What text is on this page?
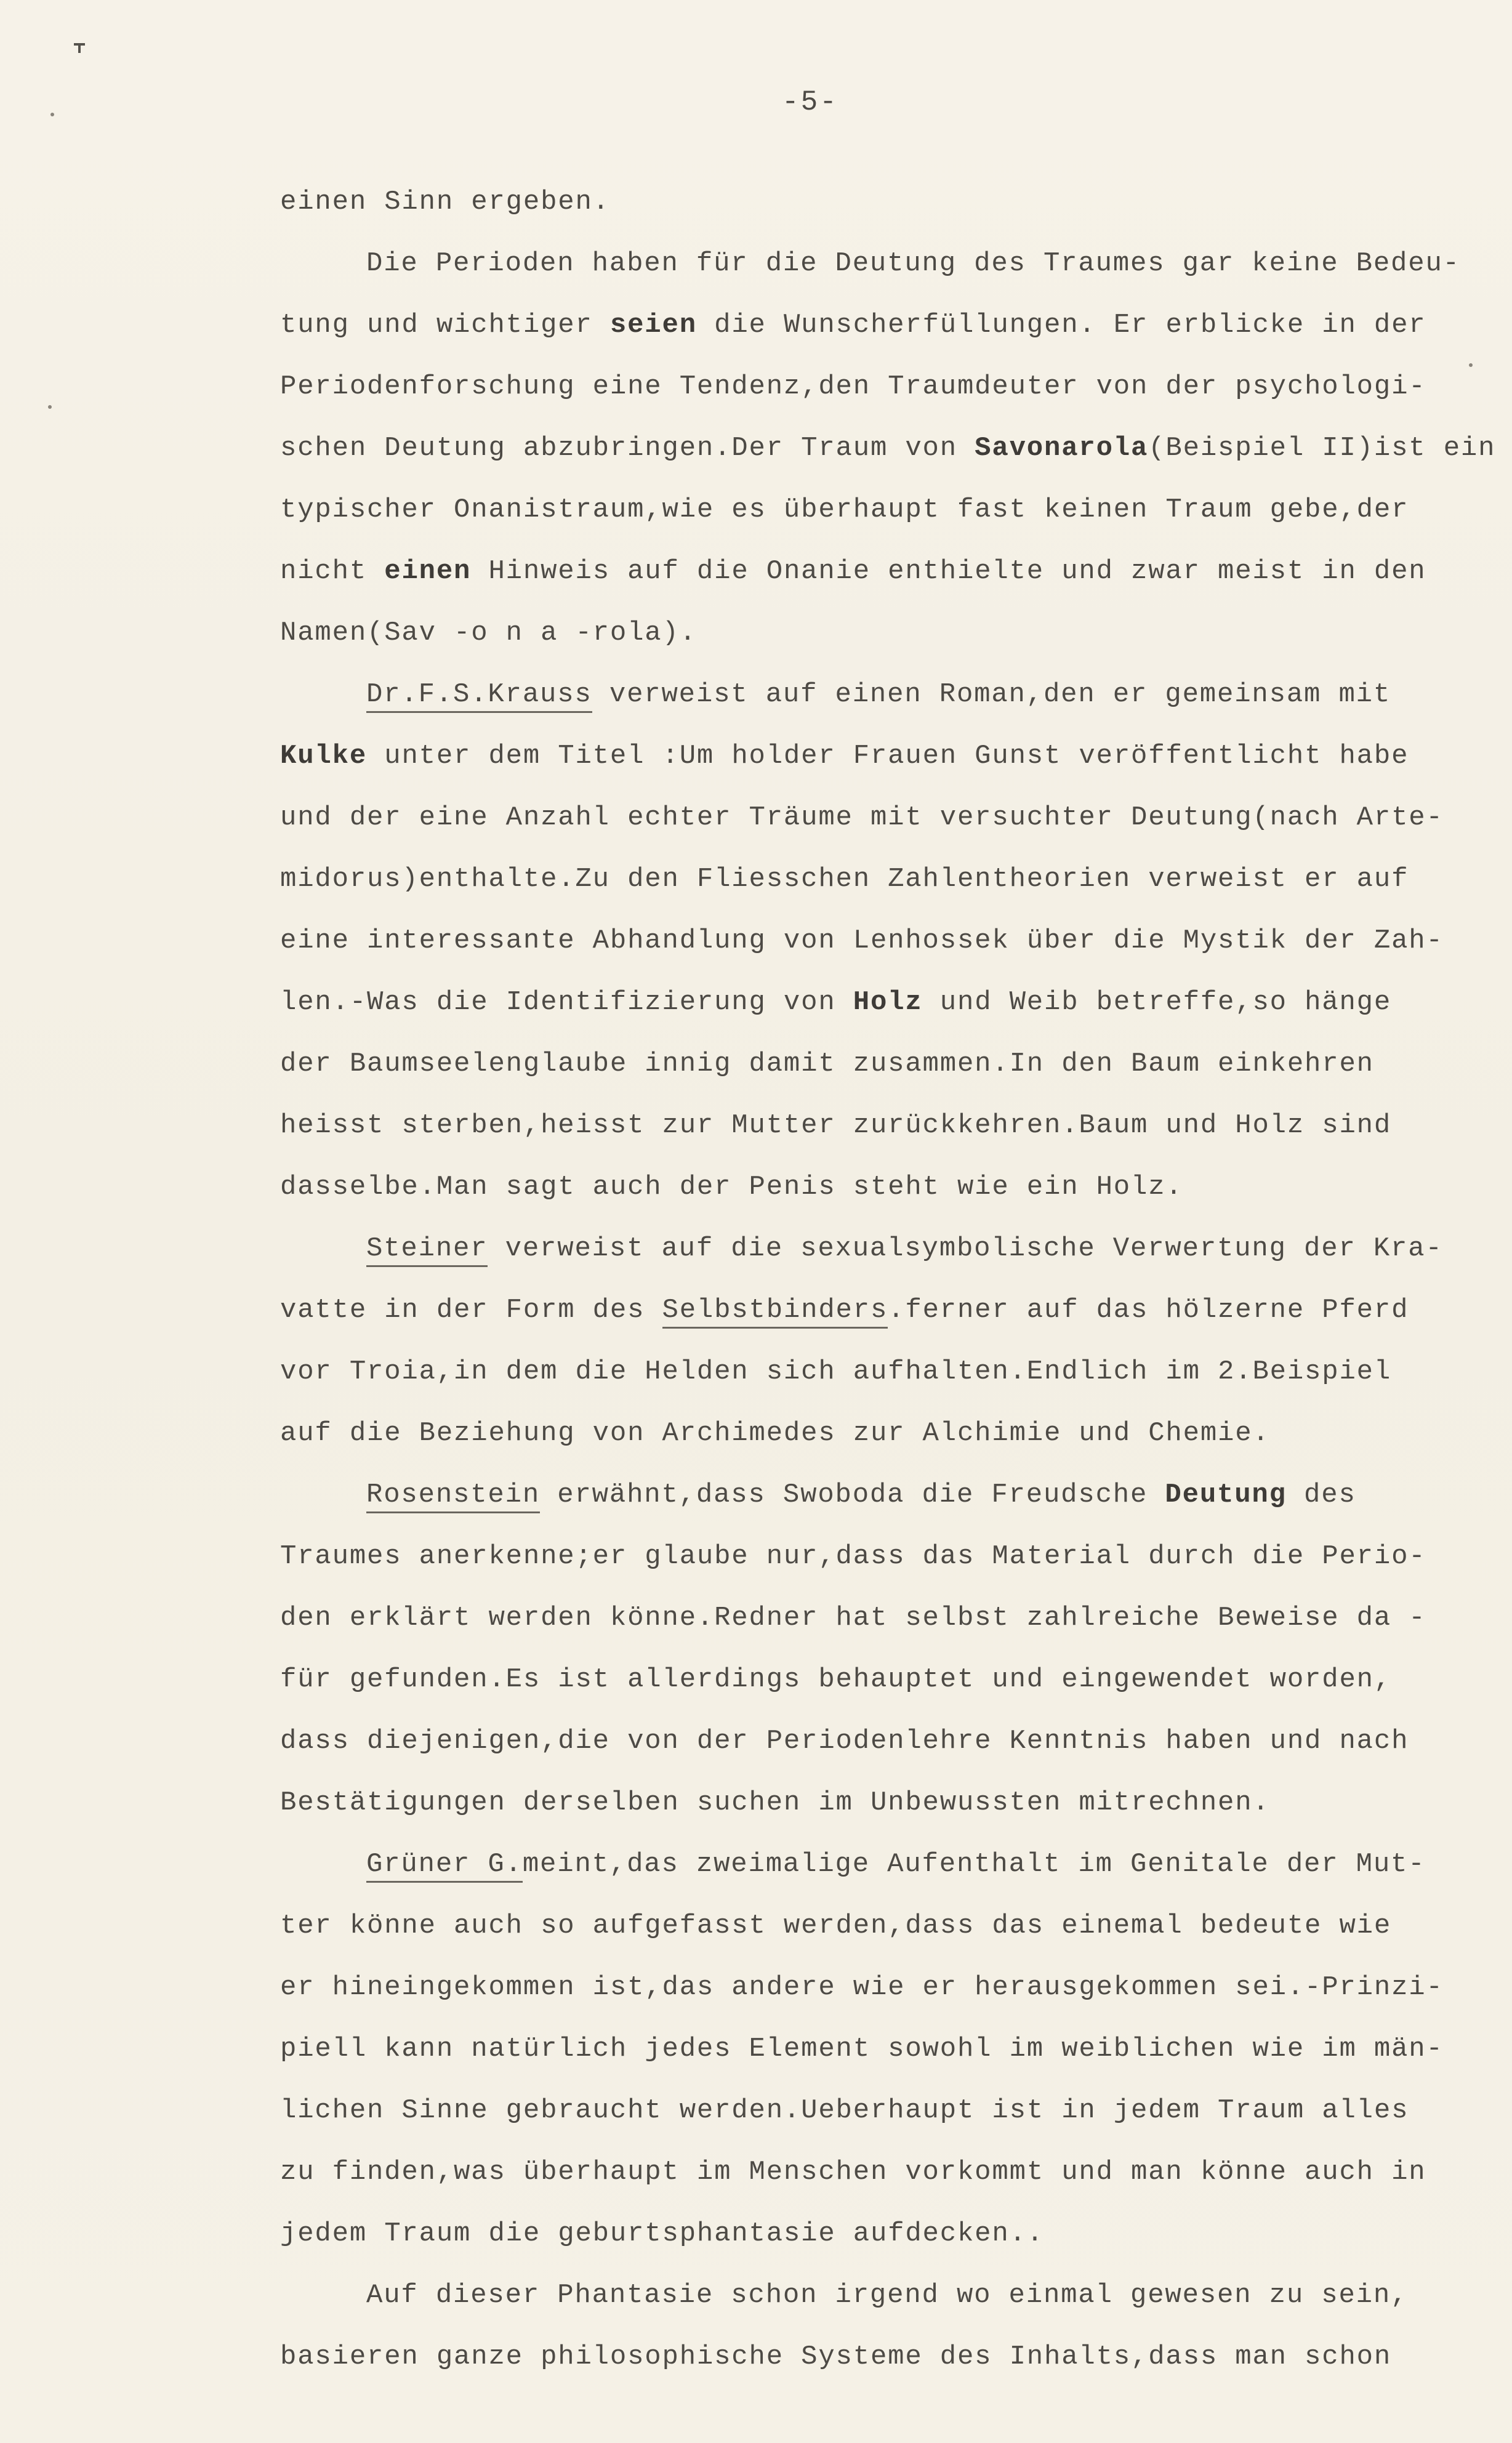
-5-
einen Sinn ergeben.
Die Perioden haben für die Deutung des Traumes gar keine Bedeu-
tung und wichtiger seien die Wunscherfüllungen. Er erblicke in der
Periodenforschung eine Tendenz,den Traumdeuter von der psychologi-
schen Deutung abzubringen.Der Traum von Savonarola(Beispiel II)ist ein
typischer Onanistraum,wie es überhaupt fast keinen Traum gebe,der
nicht einen Hinweis auf die Onanie enthielte und zwar meist in den
Namen(Sav -o n a -rola).
Dr.F.S.Krauss verweist auf einen Roman,den er gemeinsam mit
Kulke unter dem Titel :Um holder Frauen Gunst veröffentlicht habe
und der eine Anzahl echter Träume mit versuchter Deutung(nach Arte-
midorus)enthalte.Zu den Fliesschen Zahlentheorien verweist er auf
eine interessante Abhandlung von Lenhossek über die Mystik der Zah-
len.-Was die Identifizierung von Holz und Weib betreffe,so hänge
der Baumseelenglaube innig damit zusammen.In den Baum einkehren
heisst sterben,heisst zur Mutter zurückkehren.Baum und Holz sind
dasselbe.Man sagt auch der Penis steht wie ein Holz.
Steiner verweist auf die sexualsymbolische Verwertung der Kra-
vatte in der Form des Selbstbinders.ferner auf das hölzerne Pferd
vor Troia,in dem die Helden sich aufhalten.Endlich im 2.Beispiel
auf die Beziehung von Archimedes zur Alchimie und Chemie.
Rosenstein erwähnt,dass Swoboda die Freudsche Deutung des
Traumes anerkenne;er glaube nur,dass das Material durch die Perio-
den erklärt werden könne.Redner hat selbst zahlreiche Beweise da -
für gefunden.Es ist allerdings behauptet und eingewendet worden,
dass diejenigen,die von der Periodenlehre Kenntnis haben und nach
Bestätigungen derselben suchen im Unbewussten mitrechnen.
Grüner G.meint,das zweimalige Aufenthalt im Genitale der Mut-
ter könne auch so aufgefasst werden,dass das einemal bedeute wie
er hineingekommen ist,das andere wie er herausgekommen sei.-Prinzi-
piell kann natürlich jedes Element sowohl im weiblichen wie im män-
lichen Sinne gebraucht werden.Ueberhaupt ist in jedem Traum alles
zu finden,was überhaupt im Menschen vorkommt und man könne auch in
jedem Traum die geburtsphantasie aufdecken..
Auf dieser Phantasie schon irgend wo einmal gewesen zu sein,
basieren ganze philosophische Systeme des Inhalts,dass man schon
